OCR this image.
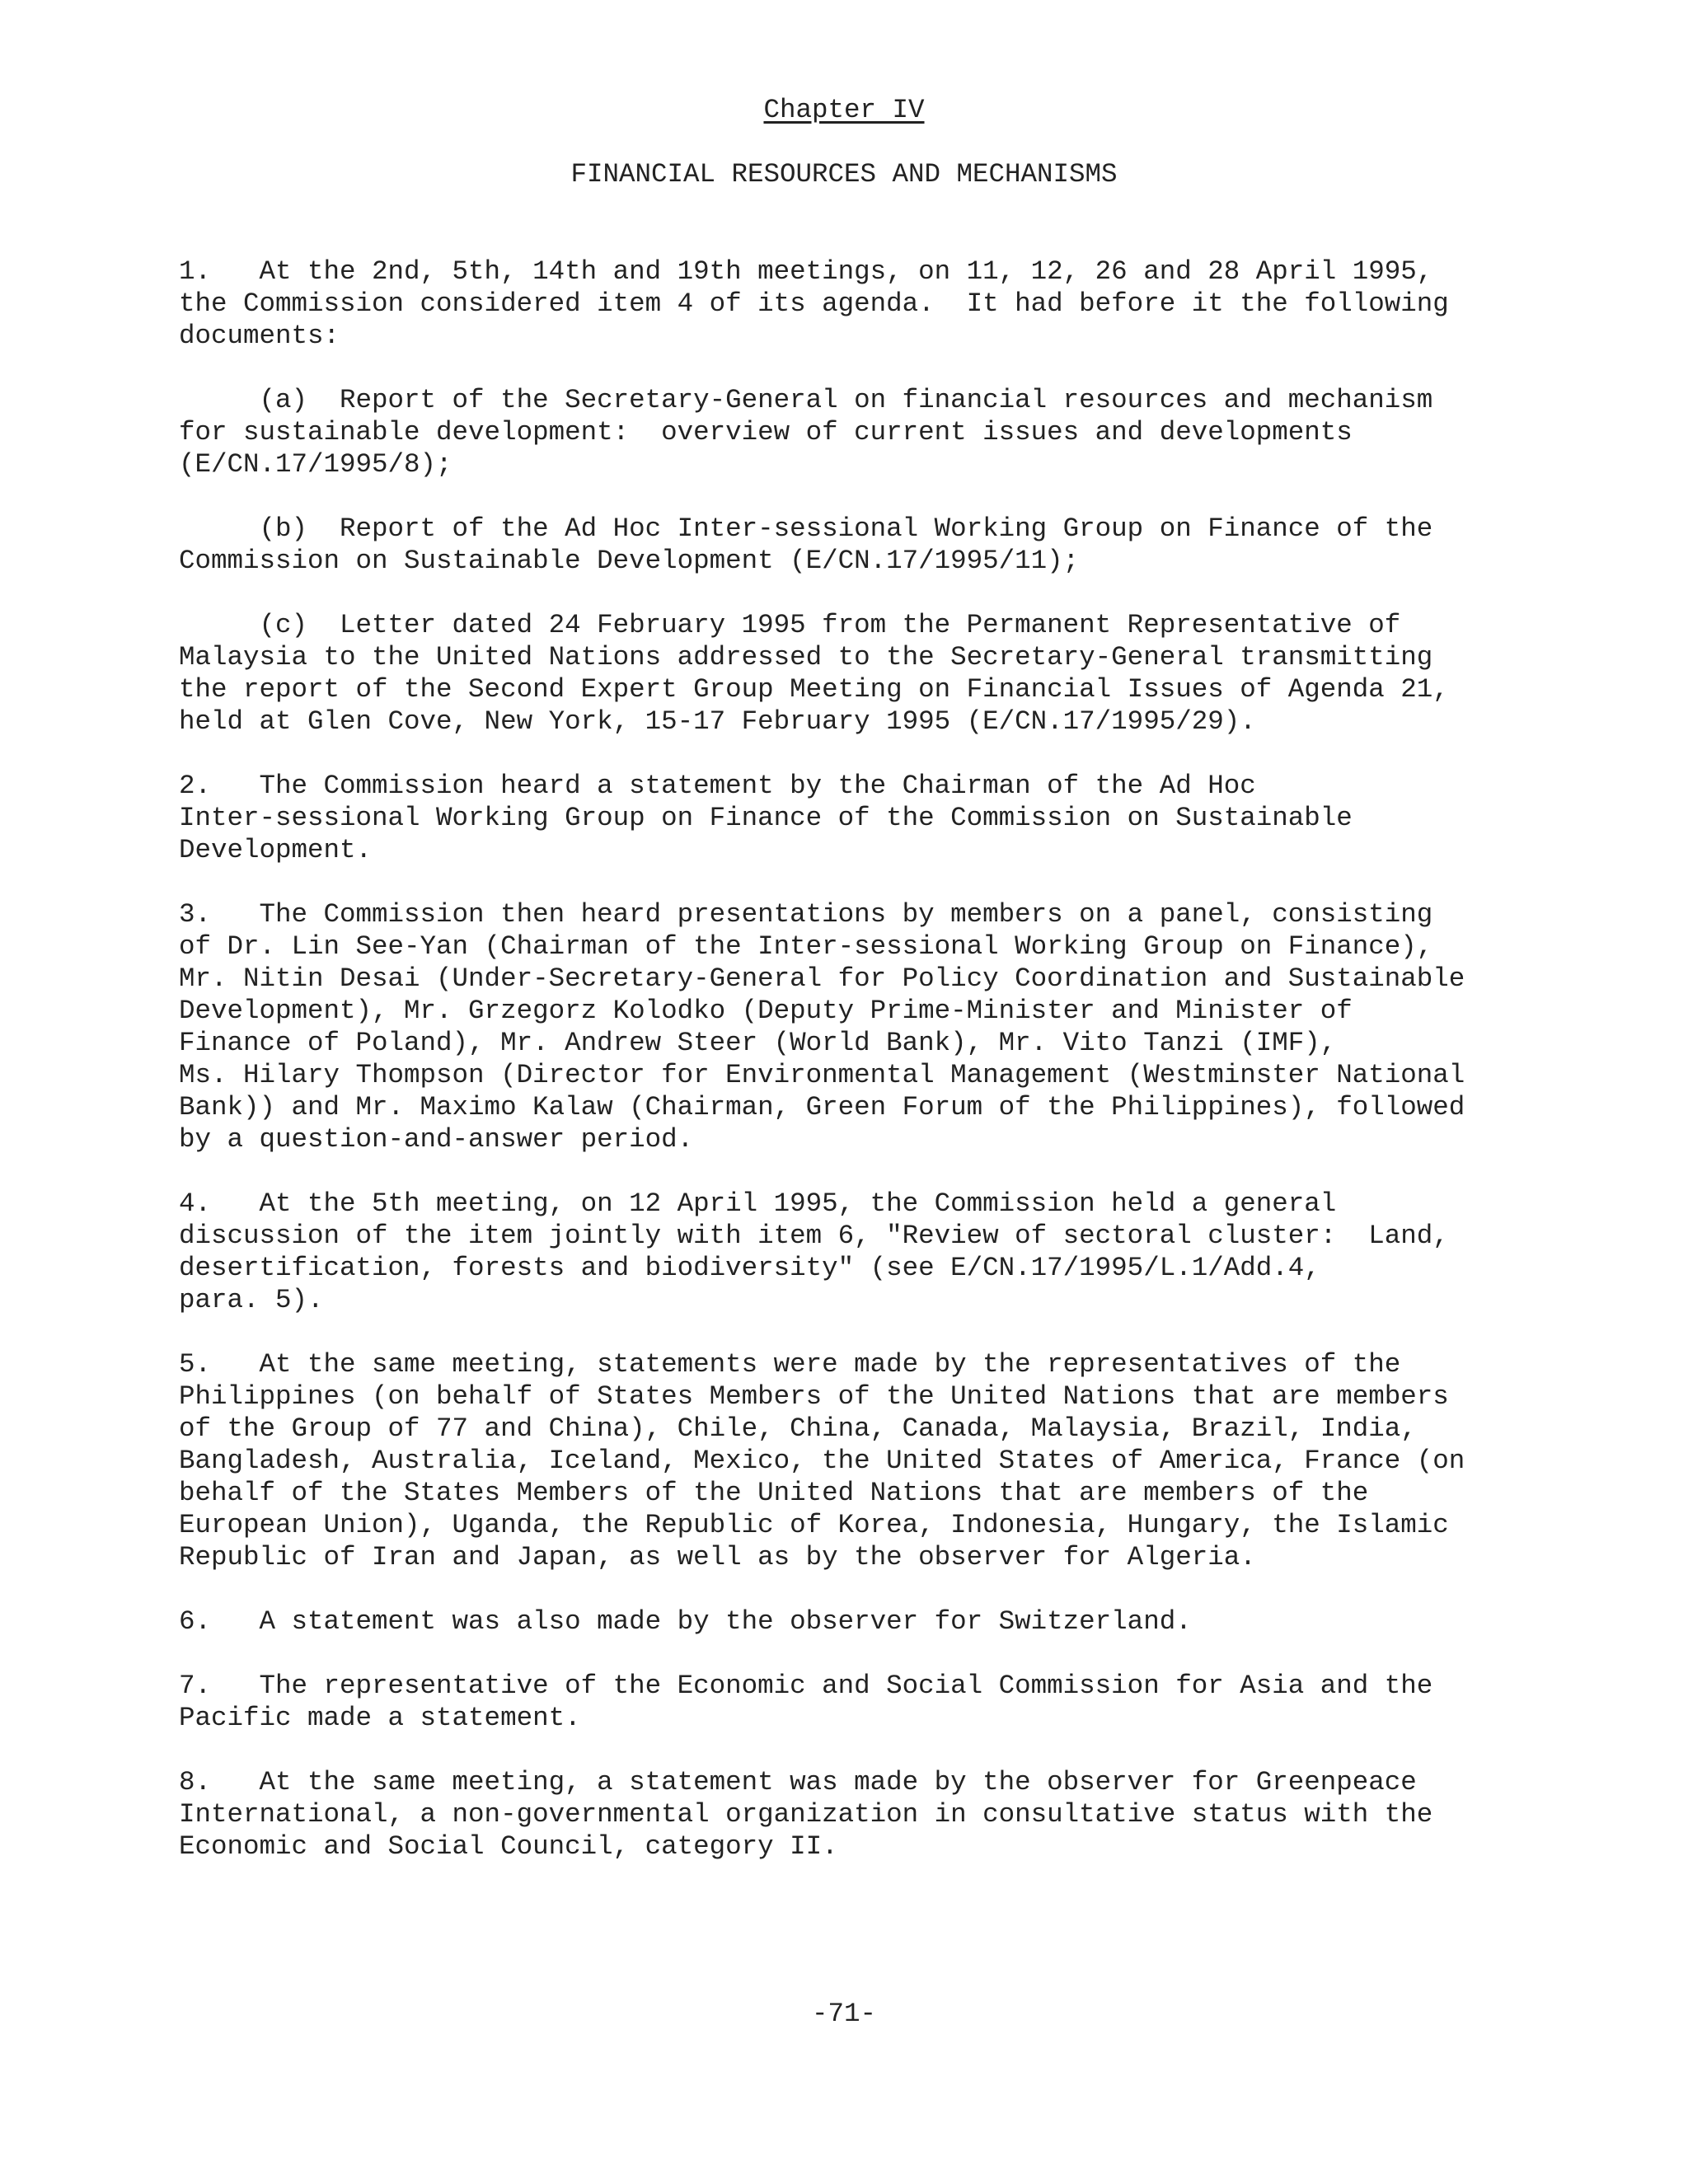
Chapter IV
FINANCIAL RESOURCES AND MECHANISMS

1.   At the 2nd, 5th, 14th and 19th meetings, on 11, 12, 26 and 28 April 1995,
the Commission considered item 4 of its agenda.  It had before it the following
documents:

(a)  Report of the Secretary-General on financial resources and mechanism
for sustainable development:  overview of current issues and developments
(E/CN.17/1995/8);

(b)  Report of the Ad Hoc Inter-sessional Working Group on Finance of the
Commission on Sustainable Development (E/CN.17/1995/11);

(c)  Letter dated 24 February 1995 from the Permanent Representative of
Malaysia to the United Nations addressed to the Secretary-General transmitting
the report of the Second Expert Group Meeting on Financial Issues of Agenda 21,
held at Glen Cove, New York, 15-17 February 1995 (E/CN.17/1995/29).

2.   The Commission heard a statement by the Chairman of the Ad Hoc
Inter-sessional Working Group on Finance of the Commission on Sustainable
Development.

3.   The Commission then heard presentations by members on a panel, consisting
of Dr. Lin See-Yan (Chairman of the Inter-sessional Working Group on Finance),
Mr. Nitin Desai (Under-Secretary-General for Policy Coordination and Sustainable
Development), Mr. Grzegorz Kolodko (Deputy Prime-Minister and Minister of
Finance of Poland), Mr. Andrew Steer (World Bank), Mr. Vito Tanzi (IMF),
Ms. Hilary Thompson (Director for Environmental Management (Westminster National
Bank)) and Mr. Maximo Kalaw (Chairman, Green Forum of the Philippines), followed
by a question-and-answer period.

4.   At the 5th meeting, on 12 April 1995, the Commission held a general
discussion of the item jointly with item 6, "Review of sectoral cluster:  Land,
desertification, forests and biodiversity" (see E/CN.17/1995/L.1/Add.4,
para. 5).

5.   At the same meeting, statements were made by the representatives of the
Philippines (on behalf of States Members of the United Nations that are members
of the Group of 77 and China), Chile, China, Canada, Malaysia, Brazil, India,
Bangladesh, Australia, Iceland, Mexico, the United States of America, France (on
behalf of the States Members of the United Nations that are members of the
European Union), Uganda, the Republic of Korea, Indonesia, Hungary, the Islamic
Republic of Iran and Japan, as well as by the observer for Algeria.

6.   A statement was also made by the observer for Switzerland.

7.   The representative of the Economic and Social Commission for Asia and the
Pacific made a statement.

8.   At the same meeting, a statement was made by the observer for Greenpeace
International, a non-governmental organization in consultative status with the
Economic and Social Council, category II.

-71-
